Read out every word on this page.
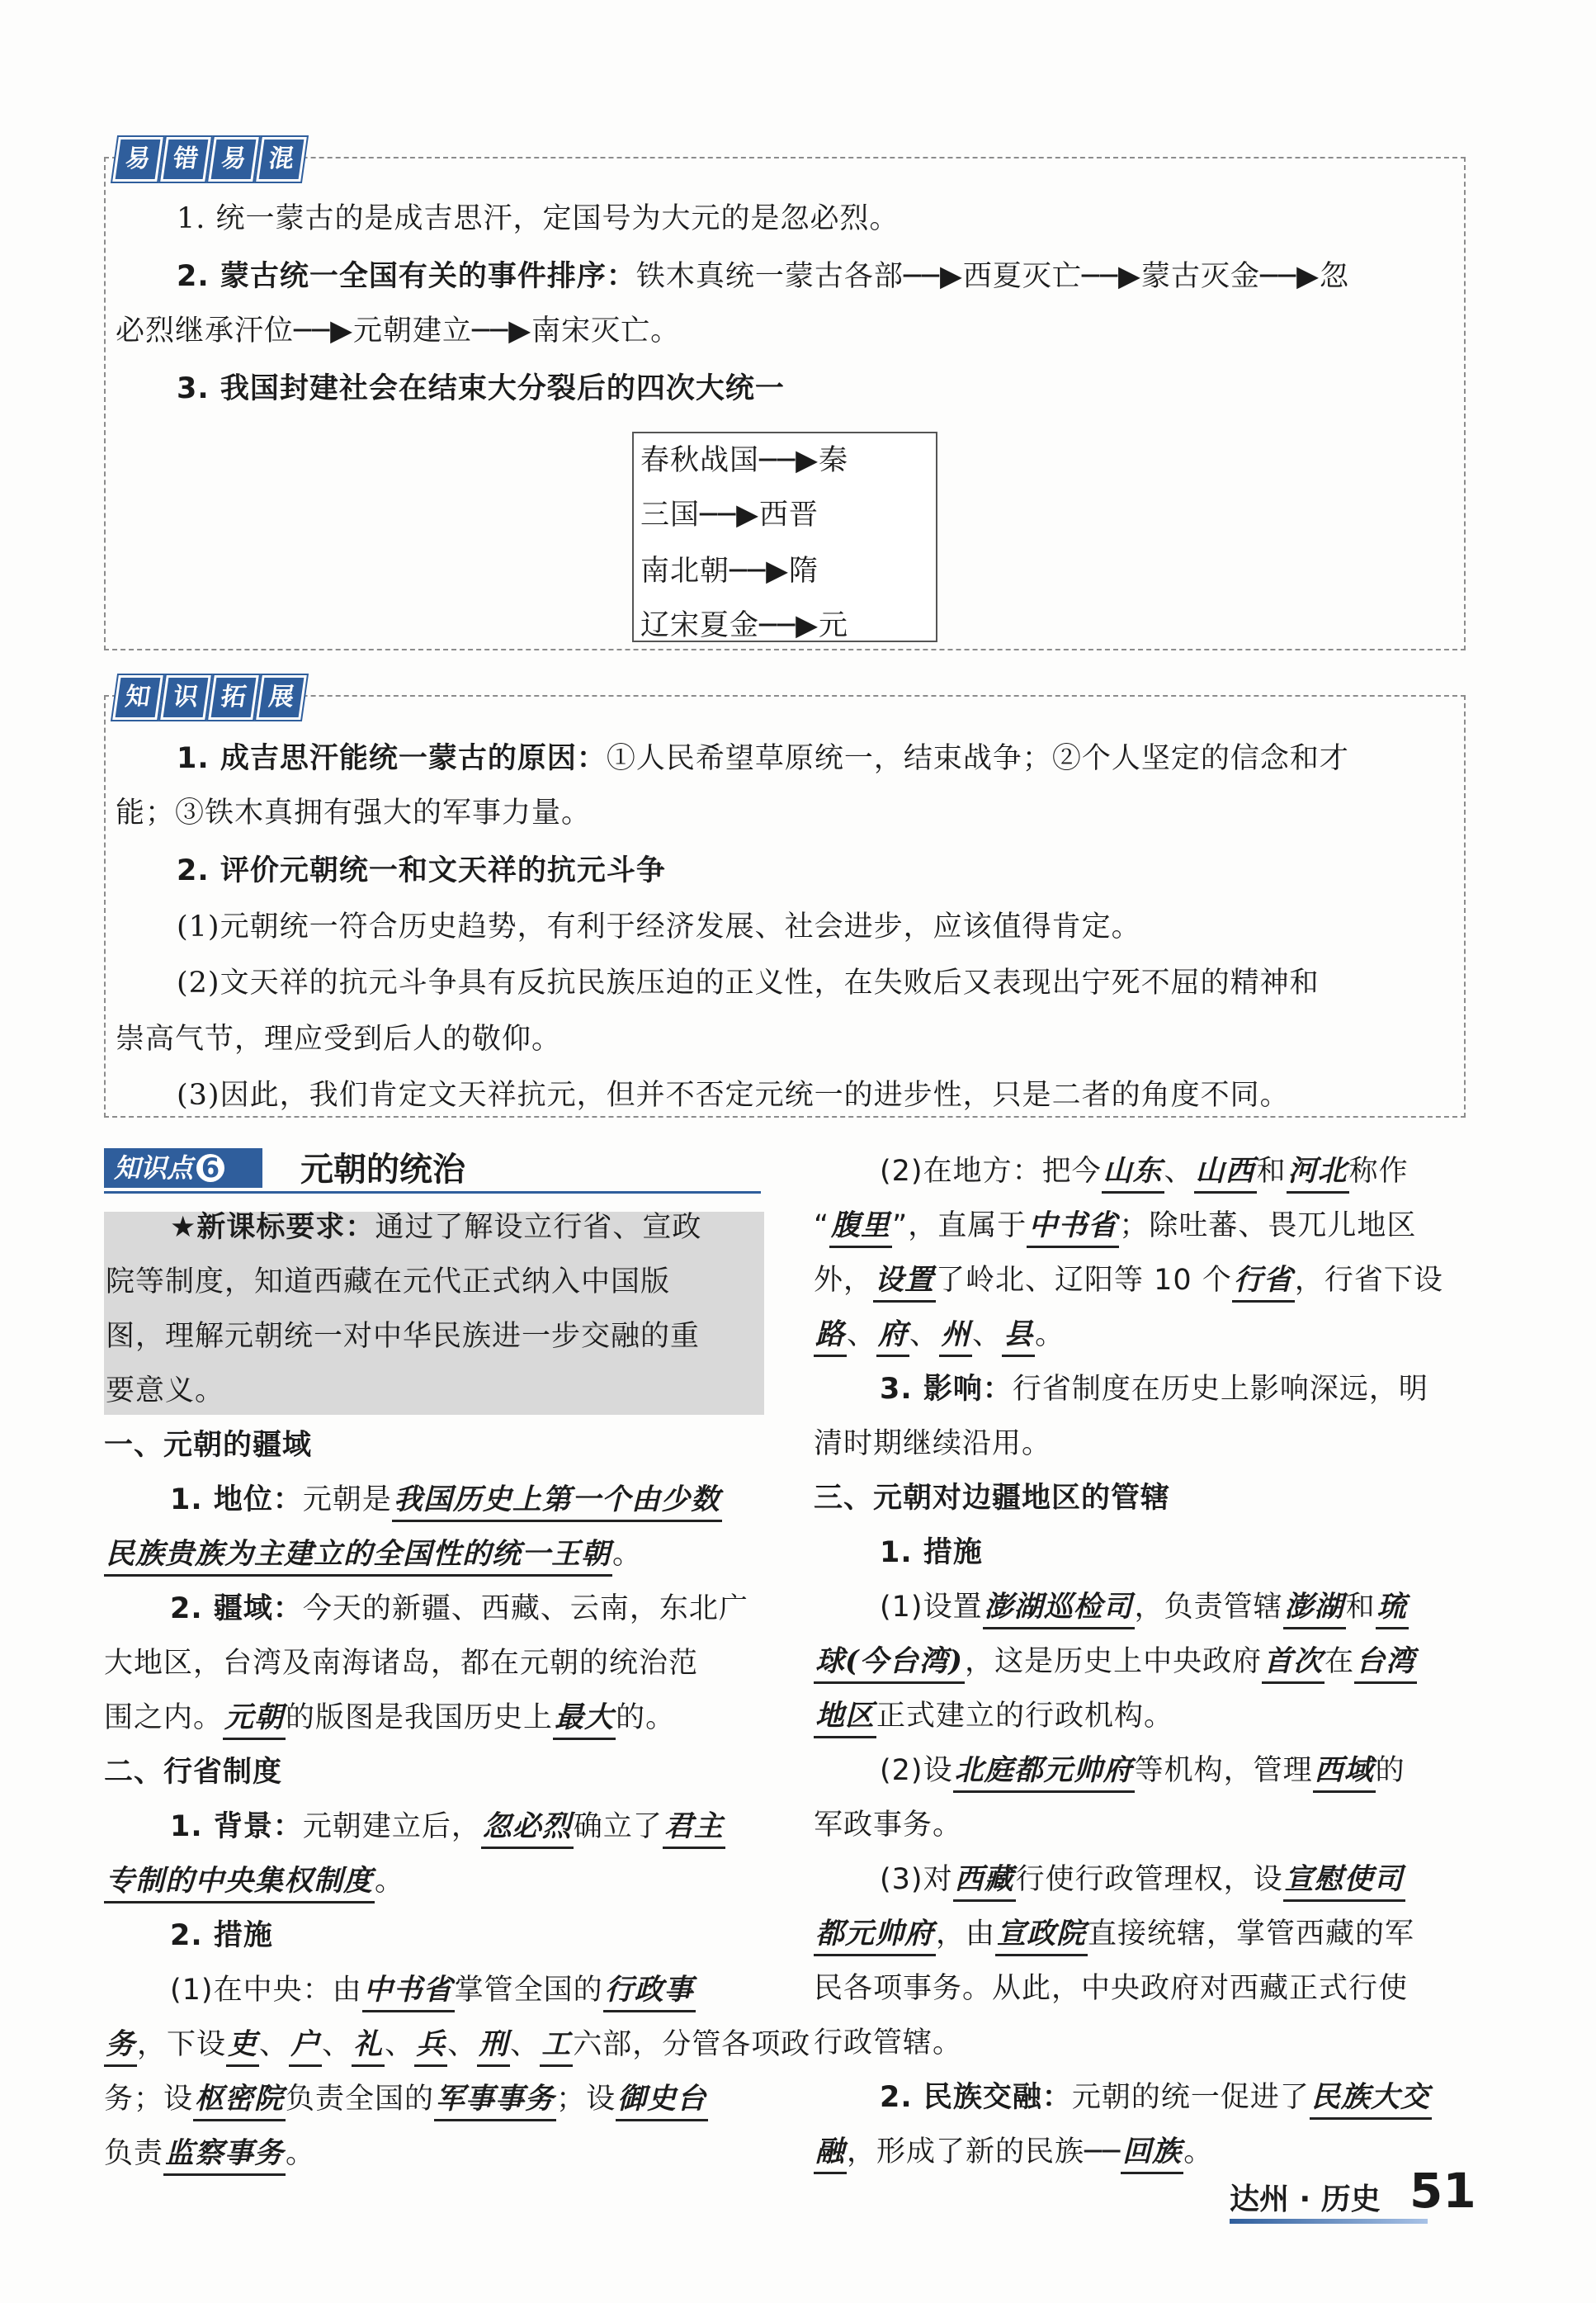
易 错 易 混
1. 统一蒙古的是成吉思汗，定国号为大元的是忽必烈。
2. 蒙古统一全国有关的事件排序：铁木真统一蒙古各部──▶西夏灭亡──▶蒙古灭金──▶忽
必烈继承汗位──▶元朝建立──▶南宋灭亡。
3. 我国封建社会在结束大分裂后的四次大统一
春秋战国──▶秦
三国──▶西晋
南北朝──▶隋
辽宋夏金──▶元
知 识 拓 展
1. 成吉思汗能统一蒙古的原因：①人民希望草原统一，结束战争；②个人坚定的信念和才
能；③铁木真拥有强大的军事力量。
2. 评价元朝统一和文天祥的抗元斗争
(1)元朝统一符合历史趋势，有利于经济发展、社会进步，应该值得肯定。
(2)文天祥的抗元斗争具有反抗民族压迫的正义性，在失败后又表现出宁死不屈的精神和
崇高气节，理应受到后人的敬仰。
(3)因此，我们肯定文天祥抗元，但并不否定元统一的进步性，只是二者的角度不同。
知识点 6	元朝的统治
★新课标要求：通过了解设立行省、宣政
院等制度，知道西藏在元代正式纳入中国版
图，理解元朝统一对中华民族进一步交融的重
要意义。
一、元朝的疆域
1. 地位：元朝是我国历史上第一个由少数
民族贵族为主建立的全国性的统一王朝。
2. 疆域：今天的新疆、西藏、云南，东北广
大地区，台湾及南海诸岛，都在元朝的统治范
围之内。元朝的版图是我国历史上最大的。
二、行省制度
1. 背景：元朝建立后，忽必烈确立了君主
专制的中央集权制度。
2. 措施
(1)在中央：由中书省掌管全国的行政事
务，下设吏、户、礼、兵、刑、工六部，分管各项政
务；设枢密院负责全国的军事事务；设御史台
负责监察事务。
(2)在地方：把今山东、山西和河北称作
“腹里”，直属于中书省；除吐蕃、畏兀儿地区
外，设置了岭北、辽阳等 10 个行省，行省下设
路、府、州、县。
3. 影响：行省制度在历史上影响深远，明
清时期继续沿用。
三、元朝对边疆地区的管辖
1. 措施
(1)设置澎湖巡检司，负责管辖澎湖和琉
球(今台湾)，这是历史上中央政府首次在台湾
地区正式建立的行政机构。
(2)设北庭都元帅府等机构，管理西域的
军政事务。
(3)对西藏行使行政管理权，设宣慰使司
都元帅府，由宣政院直接统辖，掌管西藏的军
民各项事务。从此，中央政府对西藏正式行使
行政管辖。
2. 民族交融：元朝的统一促进了民族大交
融，形成了新的民族──回族。
达州 · 历史 51
